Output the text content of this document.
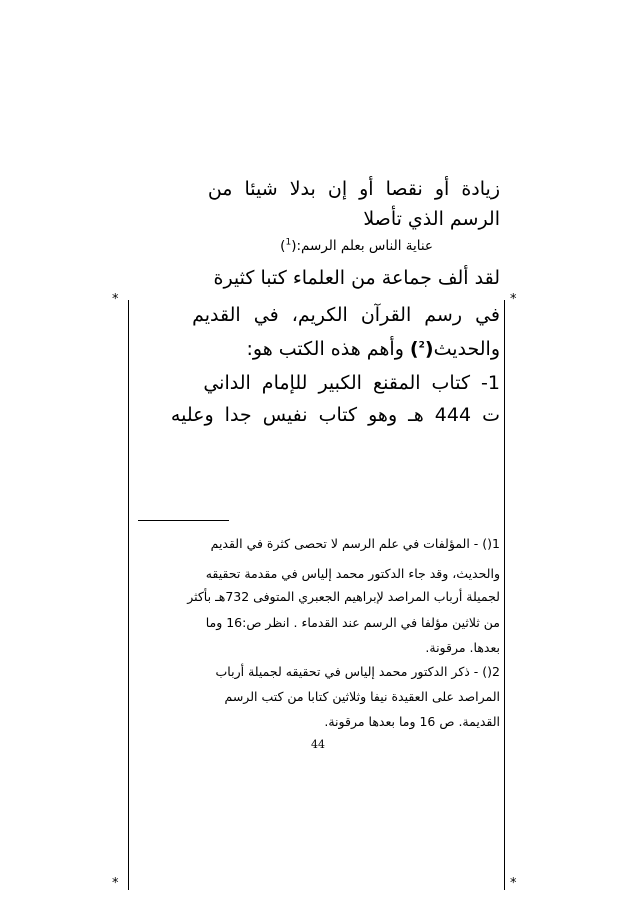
*	*
*	*
زيادة أو نقصا أو إن بدلا شيئا من
الرسم الذي تأصلا
عناية الناس بعلم الرسم:($^1$)
لقد ألف جماعة من العلماء كتبا كثيرة
في رسم القرآن الكريم، في القديم
والحديث($^2$) وأهم هذه الكتب هو:
1- كتاب المقنع الكبير للإمام الداني
ت 444 هـ وهو كتاب نفيس جدا وعليه
1() - المؤلفات في علم الرسم لا تحصى كثرة في القديم
والحديث، وقد جاء الدكتور محمد إلياس في مقدمة تحقيقه
لجميلة أرباب المراصد لإبراهيم الجعبري المتوفى 732هـ بأكثر
من ثلاثين مؤلفا في الرسم عند القدماء . انظر ص:16 وما
بعدها. مرقونة.
2() - ذكر الدكتور محمد إلياس في تحقيقه لجميلة أرباب
المراصد على العقيدة نيفا وثلاثين كتابا من كتب الرسم
القديمة. ص 16 وما بعدها مرقونة.
44
